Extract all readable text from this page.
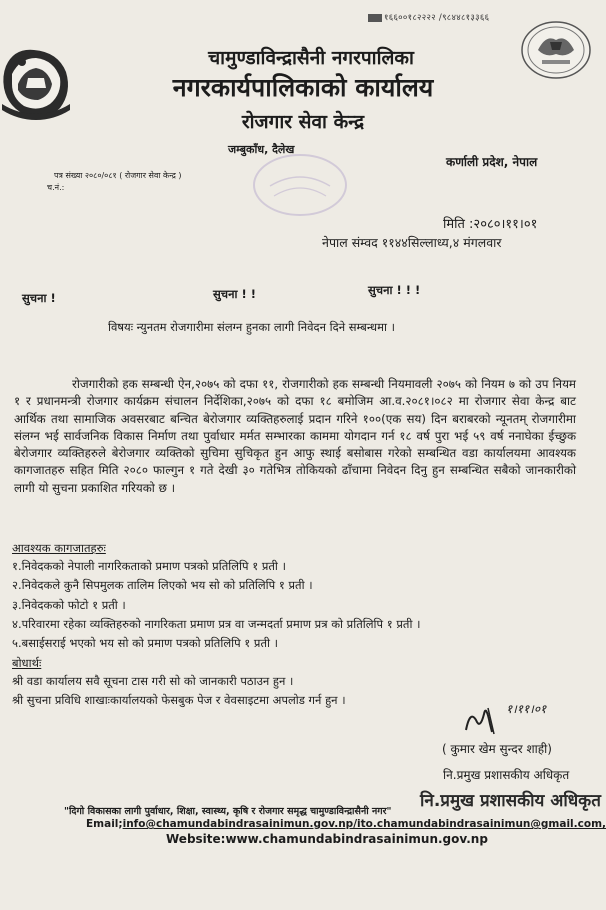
१६६००१८२२२२ /९८४४८१३३६६
चामुण्डाविन्द्रासैनी नगरपालिका
नगरकार्यपालिकाको कार्यालय
रोजगार सेवा केन्द्र
जम्बुकाँध, दैलेख
कर्णाली प्रदेश, नेपाल
पत्र संख्या २०८०/०८१ ( रोजगार सेवा केन्द्र )
च.नं.:
मिति :२०८०।११।०१
नेपाल संम्वद ११४४सिल्लाध्य,४ मंगलवार
सुचना !	सुचना ! !	सुचना ! ! !
विषयः न्युनतम रोजगारीमा संलग्न हुनका लागी निवेदन दिने सम्बन्धमा ।
रोजगारीको हक सम्बन्धी ऐन,२०७५ को दफा ११, रोजगारीको हक सम्बन्धी नियमावली २०७५ को नियम ७ को उप नियम १ र प्रधानमन्त्री रोजगार कार्यक्रम संचालन निर्देशिका,२०७५ को दफा १८ बमोजिम आ.व.२०८१।०८२ मा रोजगार सेवा केन्द्र बाट आर्थिक तथा सामाजिक अवसरबाट बन्चित बेरोजगार व्यक्तिहरुलाई प्रदान गरिने १००(एक सय) दिन बराबरको न्यूनतम् रोजगारीमा संलग्न भई सार्वजनिक विकास निर्माण तथा पुर्वाधार मर्मत सम्भारका काममा योगदान गर्न १८ वर्ष पुरा भई ५९ वर्ष ननाघेका ईच्छुक बेरोजगार व्यक्तिहरुले बेरोजगार व्यक्तिको सुचिमा सुचिकृत हुन आफु स्थाई बसोबास गरेको सम्बन्धित वडा कार्यालयमा आवश्यक कागजातहरु सहित मिति २०८० फाल्गुन १ गते देखी ३० गतेभित्र तोकियको ढाँचामा निवेदन दिनु हुन सम्बन्धित सबैको जानकारीको लागी यो सुचना प्रकाशित गरियको छ ।
आवश्यक कागजातहरुः
१.निवेदकको नेपाली नागरिकताको प्रमाण पत्रको प्रतिलिपि १ प्रती ।
२.निवेदकले कुनै सिपमुलक तालिम लिएको भय सो को प्रतिलिपि १ प्रती ।
३.निवेदकको फोटो १ प्रती ।
४.परिवारमा रहेका व्यक्तिहरुको नागरिकता प्रमाण प्रत्र वा जन्मदर्ता प्रमाण प्रत्र को प्रतिलिपि १ प्रती ।
५.बसाईसराई भएको भय सो को प्रमाण पत्रको प्रतिलिपि १ प्रती ।
बोधार्थः
श्री वडा कार्यालय सवै सूचना टास गरी सो को जानकारी पठाउन हुन ।
श्री सुचना प्रविधि शाखाःकार्यालयको फेसबुक पेज र वेवसाइटमा अपलोड गर्न हुन ।
१।११।०१
( कुमार खेम सुन्दर शाही)
नि.प्रमुख प्रशासकीय अधिकृत
नि.प्रमुख प्रशासकीय अधिकृत
"दिगो विकासका लागी पुर्वाधार, शिक्षा, स्वास्थ्य, कृषि र रोजगार समृद्ध चामुण्डाविन्द्रासैनी नगर"
Email;info@chamundabindrasainimun.gov.np/ito.chamundabindrasainimun@gmail.com,
Website:www.chamundabindrasainimun.gov.np
